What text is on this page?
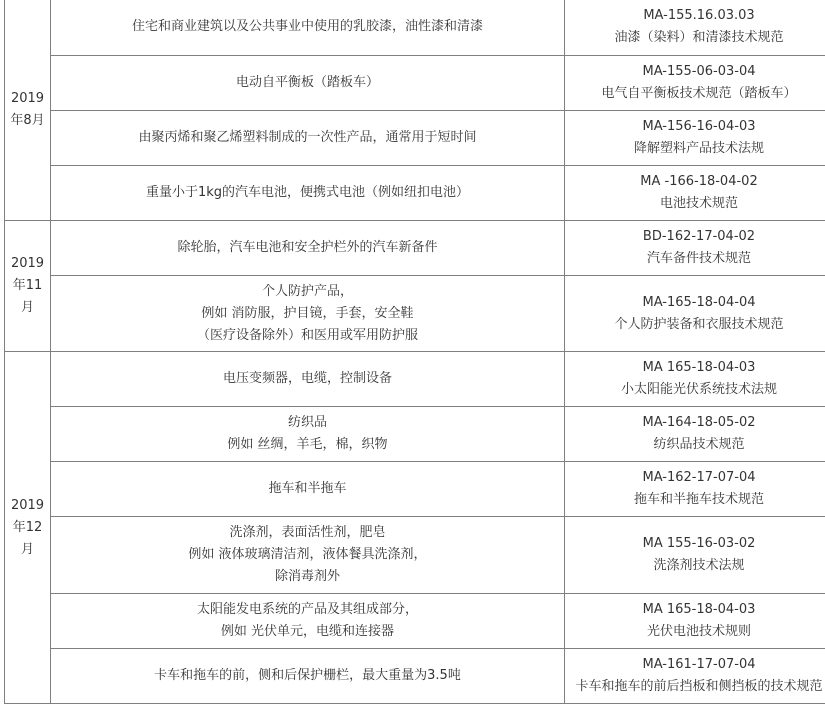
2019
年8月	住宅和商业建筑以及公共事业中使用的乳胶漆，油性漆和清漆	MA-155.16.03.03
油漆（染料）和清漆技术规范

	电动自平衡板（踏板车）	MA-155-06-03-04
电气自平衡板技术规范（踏板车）

	由聚丙烯和聚乙烯塑料制成的一次性产品，通常用于短时间	MA-156-16-04-03
降解塑料产品技术法规

	重量小于1kg的汽车电池，便携式电池（例如纽扣电池）	MA -166-18-04-02
电池技术规范

2019
年11
月	除轮胎，汽车电池和安全护栏外的汽车新备件	BD-162-17-04-02
汽车备件技术规范

	个人防护产品，
例如 消防服，护目镜，手套，安全鞋
（医疗设备除外）和医用或军用防护服	MA-165-18-04-04
个人防护装备和衣服技术规范

2019
年12
月	电压变频器，电缆，控制设备	MA 165-18-04-03
小太阳能光伏系统技术法规

	纺织品
例如 丝绸，羊毛，棉，织物	MA-164-18-05-02
纺织品技术规范

	拖车和半拖车	MA-162-17-07-04
拖车和半拖车技术规范

	洗涤剂，表面活性剂，肥皂
例如 液体玻璃清洁剂，液体餐具洗涤剂，
除消毒剂外	MA 155-16-03-02
洗涤剂技术法规

	太阳能发电系统的产品及其组成部分，
例如 光伏单元，电缆和连接器	MA 165-18-04-03
光伏电池技术规则

	卡车和拖车的前，侧和后保护栅栏，最大重量为3.5吨	MA-161-17-07-04
卡车和拖车的前后挡板和侧挡板的技术规范
